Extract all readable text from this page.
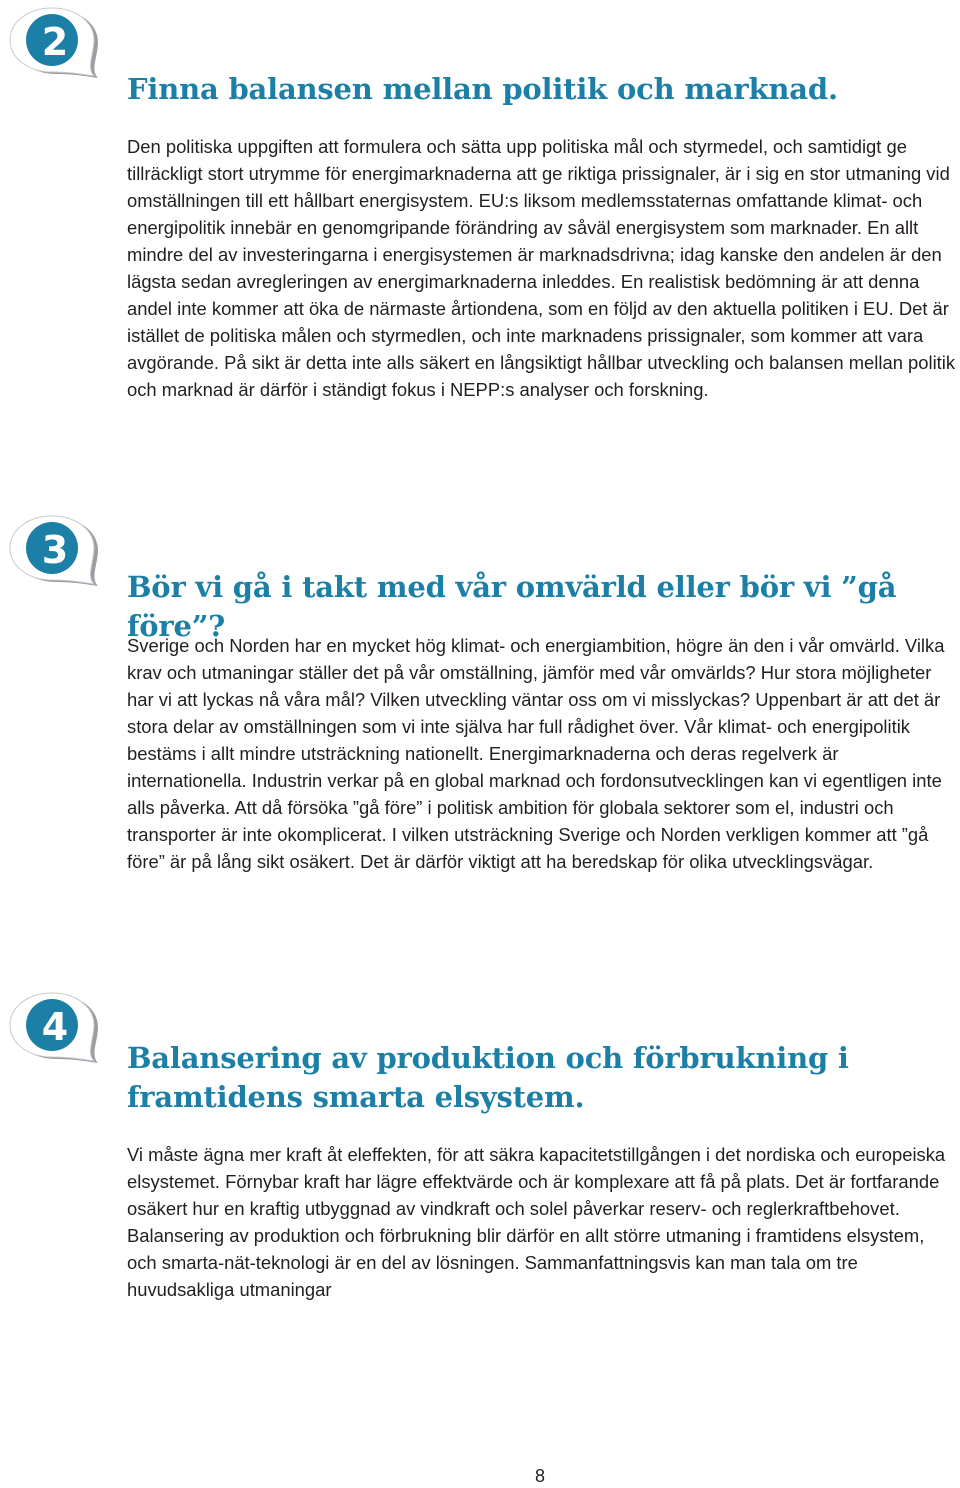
2
Finna balansen mellan politik och marknad.

Den politiska uppgiften att formulera och sätta upp politiska mål och styrmedel, och samtidigt ge tillräckligt stort utrymme för energimarknaderna att ge riktiga prissignaler, är i sig en stor utmaning vid omställningen till ett hållbart energisystem. EU:s liksom medlemsstaternas omfattande klimat- och energipolitik innebär en genomgripande förändring av såväl energisystem som marknader. En allt mindre del av investeringarna i energisystemen är marknadsdrivna; idag kanske den andelen är den lägsta sedan avregleringen av energimarknaderna inleddes. En realistisk bedömning är att denna andel inte kommer att öka de närmaste årtiondena, som en följd av den aktuella politiken i EU. Det är istället de politiska målen och styrmedlen, och inte marknadens prissignaler, som kommer att vara avgörande. På sikt är detta inte alls säkert en långsiktigt hållbar utveckling och balansen mellan politik och marknad är därför i ständigt fokus i NEPP:s analyser och forskning.

3
Bör vi gå i takt med vår omvärld eller bör vi ”gå före”?

Sverige och Norden har en mycket hög klimat- och energiambition, högre än den i vår omvärld. Vilka krav och utmaningar ställer det på vår omställning, jämför med vår omvärlds? Hur stora möjligheter har vi att lyckas nå våra mål? Vilken utveckling väntar oss om vi misslyckas? Uppenbart är att det är stora delar av omställningen som vi inte själva har full rådighet över. Vår klimat- och energipolitik bestäms i allt mindre utsträckning nationellt. Energimarknaderna och deras regelverk är internationella. Industrin verkar på en global marknad och fordonsutvecklingen kan vi egentligen inte alls påverka. Att då försöka ”gå före” i politisk ambition för globala sektorer som el, industri och transporter är inte okomplicerat. I vilken utsträckning Sverige och Norden verkligen kommer att ”gå före” är på lång sikt osäkert. Det är därför viktigt att ha beredskap för olika utvecklingsvägar.

4
Balansering av produktion och förbrukning i framtidens smarta elsystem.

Vi måste ägna mer kraft åt eleffekten, för att säkra kapacitetstillgången i det nordiska och europeiska elsystemet. Förnybar kraft har lägre effektvärde och är komplexare att få på plats. Det är fortfarande osäkert hur en kraftig utbyggnad av vindkraft och solel påverkar reserv- och reglerkraftbehovet. Balansering av produktion och förbrukning blir därför en allt större utmaning i framtidens elsystem, och smarta-nät-teknologi är en del av lösningen. Sammanfattningsvis kan man tala om tre huvudsakliga utmaningar

8
